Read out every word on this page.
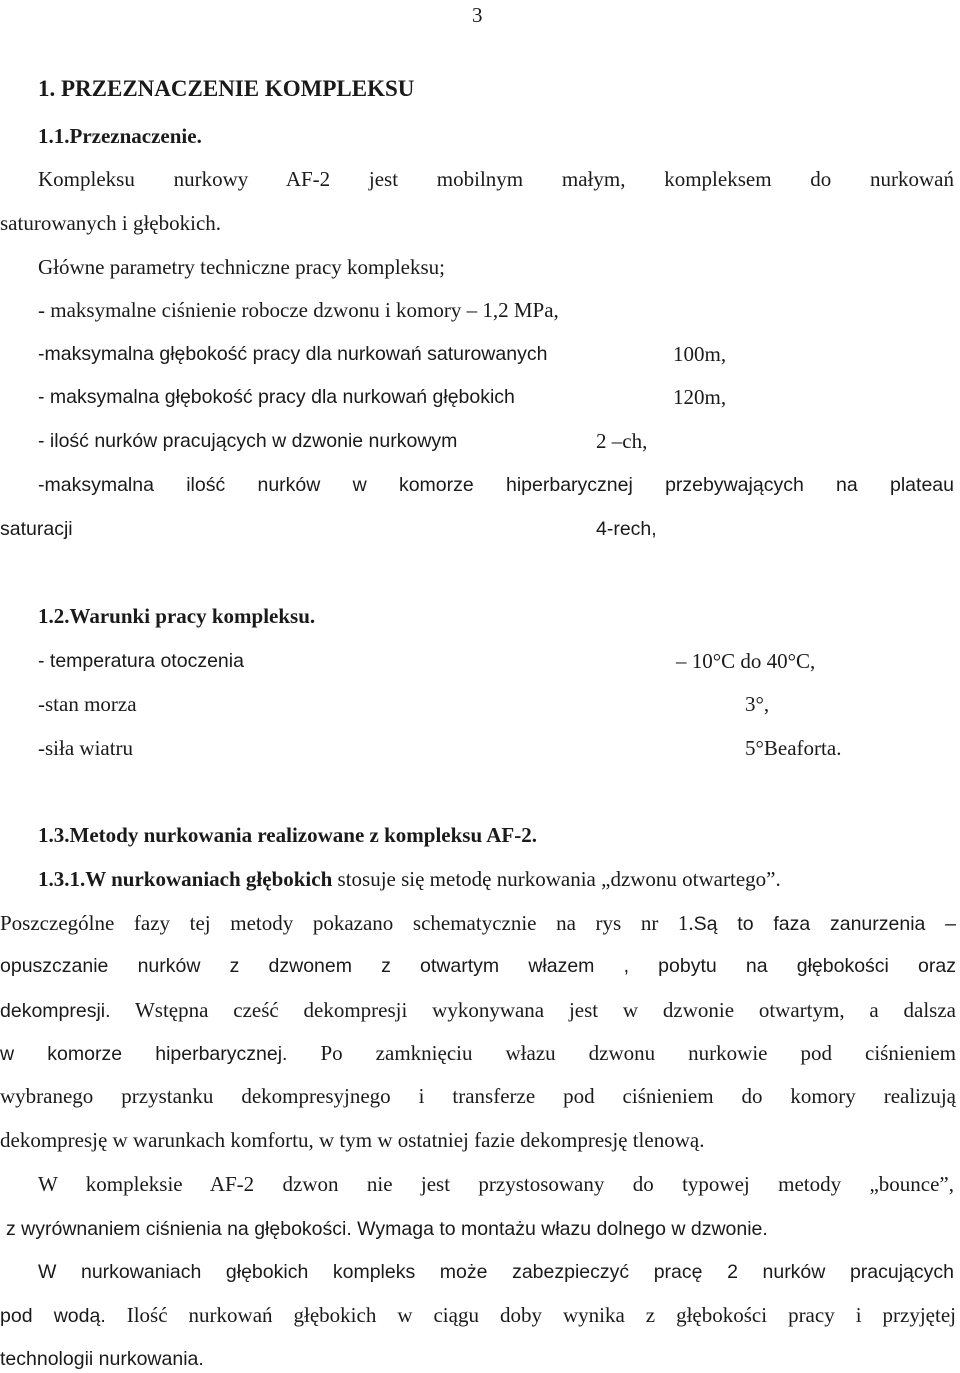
3
1. PRZEZNACZENIE KOMPLEKSU
1.1.Przeznaczenie.
Kompleksu nurkowy AF-2 jest mobilnym małym, kompleksem do nurkowań
saturowanych i głębokich.
Główne parametry techniczne pracy kompleksu;
- maksymalne ciśnienie robocze dzwonu i komory – 1,2 MPa,
-maksymalna głębokość pracy dla nurkowań saturowanych	100m,
- maksymalna głębokość pracy dla nurkowań głębokich	120m,
- ilość nurków pracujących w dzwonie nurkowym	2 –ch,
-maksymalna ilość nurków w komorze hiperbarycznej przebywających na plateau
saturacji	4-rech,
1.2.Warunki pracy kompleksu.
- temperatura otoczenia	– 10°C do 40°C,
-stan morza	3°,
-siła wiatru	5°Beaforta.
1.3.Metody nurkowania realizowane z kompleksu AF-2.
1.3.1.W nurkowaniach głębokich stosuje się metodę nurkowania „dzwonu otwartego”.
Poszczególne fazy tej metody pokazano schematycznie na rys nr 1.Są to faza zanurzenia –
opuszczanie nurków z dzwonem z otwartym włazem , pobytu na głębokości oraz
dekompresji. Wstępna cześć dekompresji wykonywana jest w dzwonie otwartym, a dalsza
w komorze hiperbarycznej. Po zamknięciu włazu dzwonu nurkowie pod ciśnieniem
wybranego przystanku dekompresyjnego i transferze pod ciśnieniem do komory realizują
dekompresję w warunkach komfortu, w tym w ostatniej fazie dekompresję tlenową.
W kompleksie AF-2 dzwon nie jest przystosowany do typowej metody „bounce”,
z wyrównaniem ciśnienia na głębokości. Wymaga to montażu włazu dolnego w dzwonie.
W nurkowaniach głębokich kompleks może zabezpieczyć pracę 2 nurków pracujących
pod wodą. Ilość nurkowań głębokich w ciągu doby wynika z głębokości pracy i przyjętej
technologii nurkowania.
